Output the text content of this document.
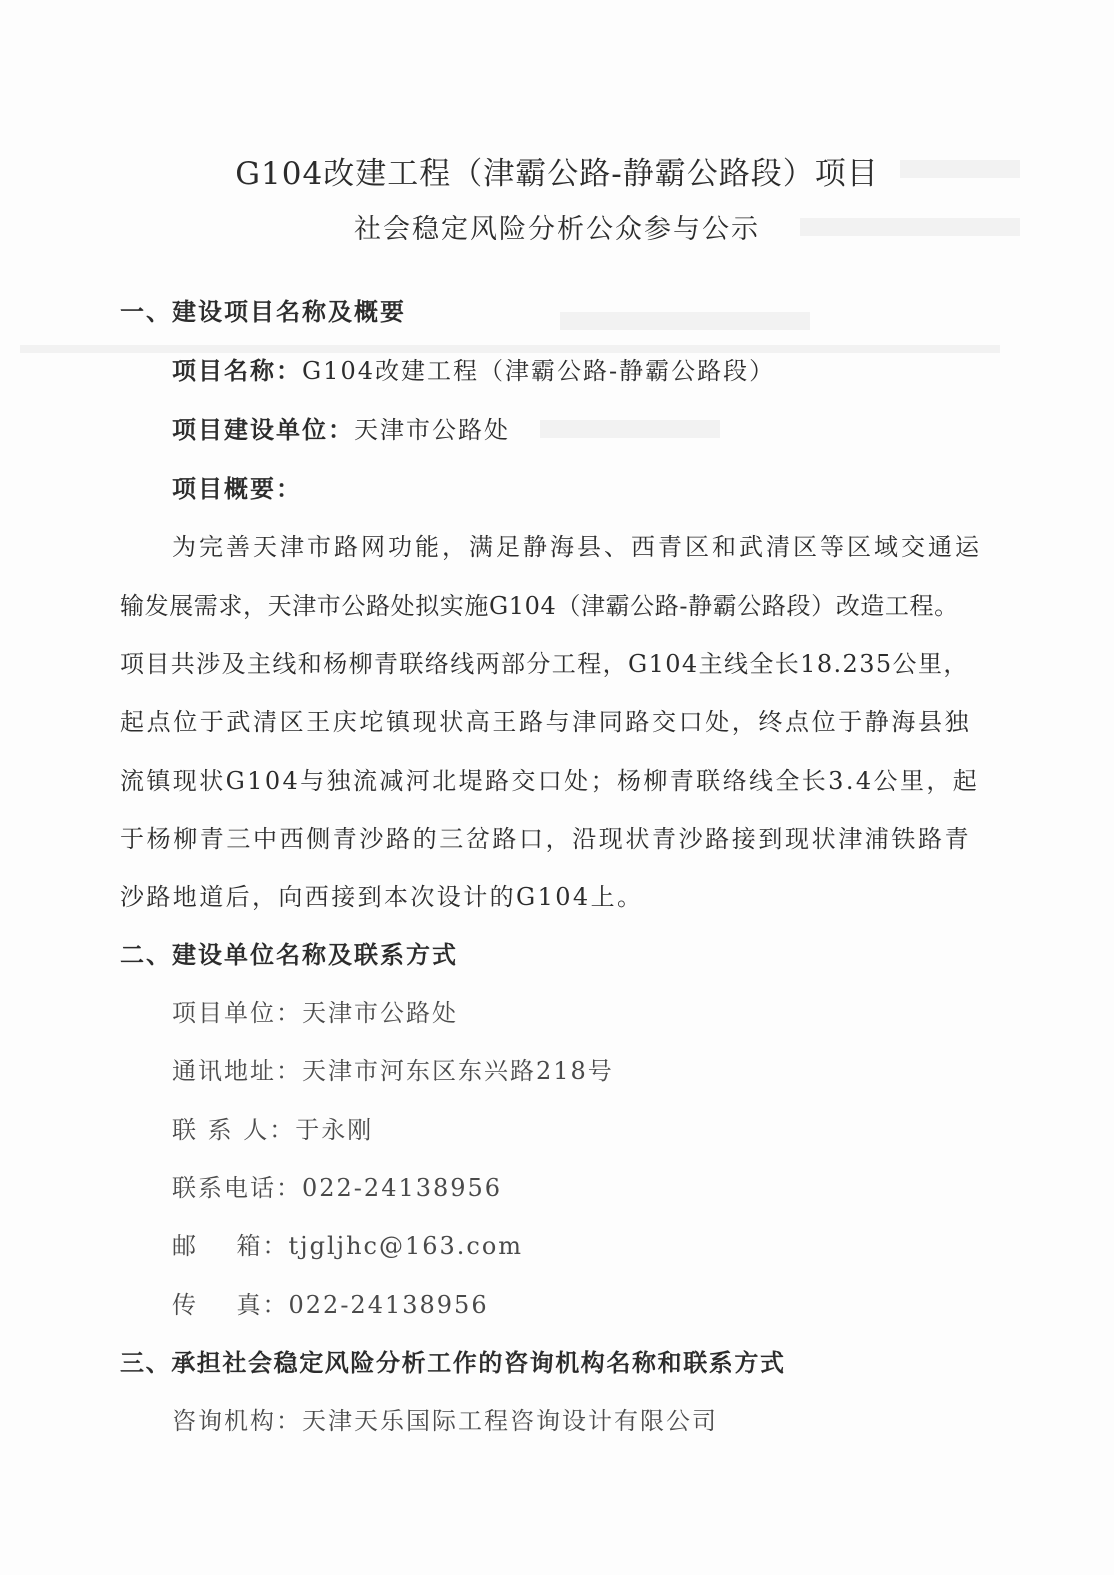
G104改建工程（津霸公路-静霸公路段）项目
社会稳定风险分析公众参与公示
一、建设项目名称及概要
项目名称：G104改建工程（津霸公路-静霸公路段）
项目建设单位：天津市公路处
项目概要：
为完善天津市路网功能，满足静海县、西青区和武清区等区域交通运
输发展需求，天津市公路处拟实施G104（津霸公路-静霸公路段）改造工程。
项目共涉及主线和杨柳青联络线两部分工程，G104主线全长18.235公里，
起点位于武清区王庆坨镇现状高王路与津同路交口处，终点位于静海县独
流镇现状G104与独流减河北堤路交口处；杨柳青联络线全长3.4公里，起
于杨柳青三中西侧青沙路的三岔路口，沿现状青沙路接到现状津浦铁路青
沙路地道后，向西接到本次设计的G104上。
二、建设单位名称及联系方式
项目单位：天津市公路处
通讯地址：天津市河东区东兴路218号
联 系 人：于永刚
联系电话：022-24138956
邮    箱：tjgljhc@163.com
传    真：022-24138956
三、承担社会稳定风险分析工作的咨询机构名称和联系方式
咨询机构：天津天乐国际工程咨询设计有限公司
